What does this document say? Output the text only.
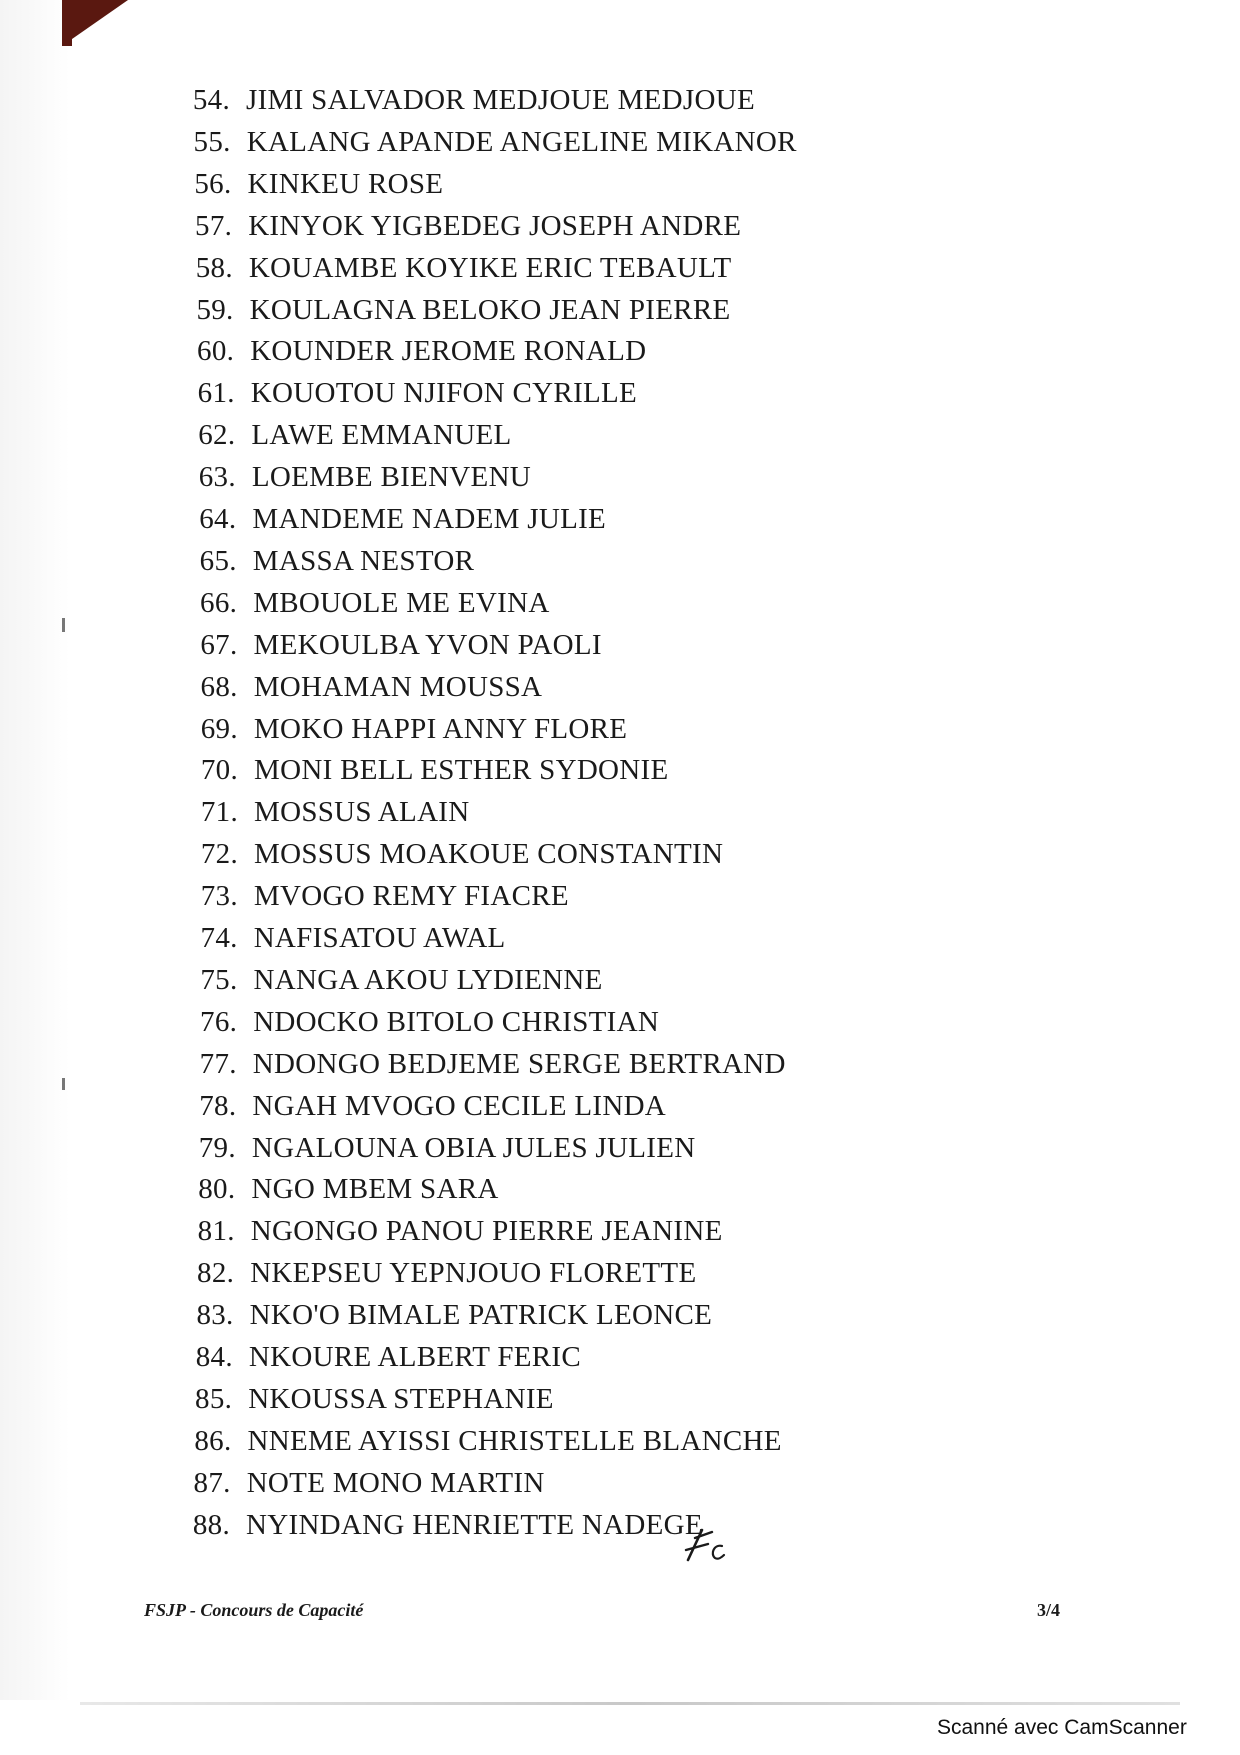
54. JIMI SALVADOR MEDJOUE MEDJOUE
55. KALANG APANDE ANGELINE MIKANOR
56. KINKEU ROSE
57. KINYOK YIGBEDEG JOSEPH ANDRE
58. KOUAMBE KOYIKE ERIC TEBAULT
59. KOULAGNA BELOKO JEAN PIERRE
60. KOUNDER JEROME RONALD
61. KOUOTOU NJIFON CYRILLE
62. LAWE EMMANUEL
63. LOEMBE BIENVENU
64. MANDEME NADEM JULIE
65. MASSA NESTOR
66. MBOUOLE ME EVINA
67. MEKOULBA YVON PAOLI
68. MOHAMAN MOUSSA
69. MOKO HAPPI ANNY FLORE
70. MONI BELL ESTHER SYDONIE
71. MOSSUS ALAIN
72. MOSSUS MOAKOUE CONSTANTIN
73. MVOGO REMY FIACRE
74. NAFISATOU AWAL
75. NANGA AKOU LYDIENNE
76. NDOCKO BITOLO CHRISTIAN
77. NDONGO BEDJEME SERGE BERTRAND
78. NGAH MVOGO CECILE LINDA
79. NGALOUNA OBIA JULES JULIEN
80. NGO MBEM SARA
81. NGONGO PANOU PIERRE JEANINE
82. NKEPSEU YEPNJOUO FLORETTE
83. NKO'O BIMALE PATRICK LEONCE
84. NKOURE ALBERT FERIC
85. NKOUSSA STEPHANIE
86. NNEME AYISSI CHRISTELLE BLANCHE
87. NOTE MONO MARTIN
88. NYINDANG HENRIETTE NADEGE
FSJP - Concours de Capacité	3/4
Scanné avec CamScanner
